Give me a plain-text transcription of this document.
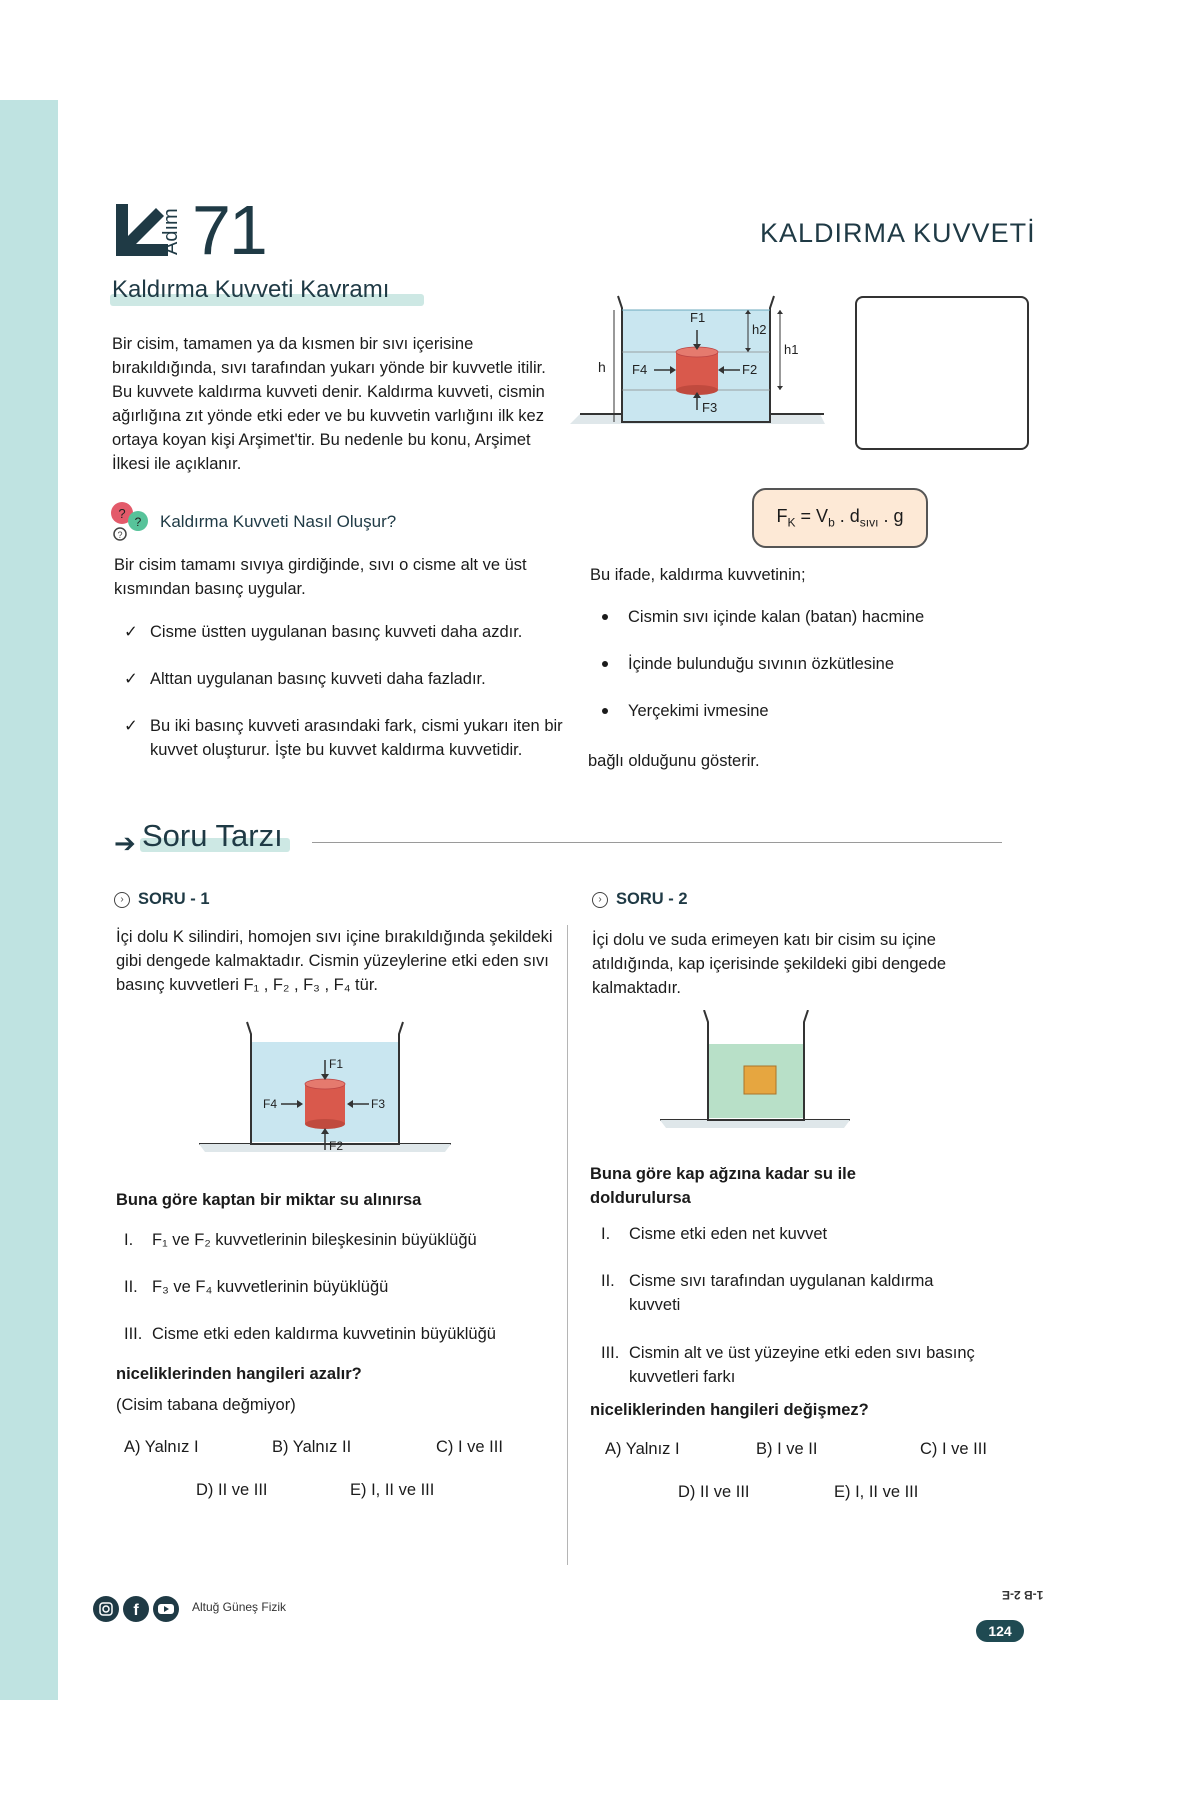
Adım 71	KALDIRMA KUVVETİ
Kaldırma Kuvveti Kavramı
Bir cisim, tamamen ya da kısmen bir sıvı içerisine bırakıldığında, sıvı tarafından yukarı yönde bir kuvvetle itilir. Bu kuvvete kaldırma kuvveti denir. Kaldırma kuvveti, cismin ağırlığına zıt yönde etki eder ve bu kuvvetin varlığını ilk kez ortaya koyan kişi Arşimet'tir. Bu nedenle bu konu, Arşimet İlkesi ile açıklanır.
?
?
?
Kaldırma Kuvveti Nasıl Oluşur?
Bir cisim tamamı sıvıya girdiğinde, sıvı o cisme alt ve üst kısmından basınç uygular.
✓ Cisme üstten uygulanan basınç kuvveti daha azdır.
✓ Alttan uygulanan basınç kuvveti daha fazladır.
✓ Bu iki basınç kuvveti arasındaki fark, cismi yukarı iten bir kuvvet oluşturur. İşte bu kuvvet kaldırma kuvvetidir.
F1
F4	F2
F3
h
h2
h1
$F_K = V_b$ . $d_{sıvı}$ . g
Bu ifade, kaldırma kuvvetinin;
Cismin sıvı içinde kalan (batan) hacmine
İçinde bulunduğu sıvının özkütlesine
Yerçekimi ivmesine
bağlı olduğunu gösterir.
➔ Soru Tarzı
› SORU - 1
İçi dolu K silindiri, homojen sıvı içine bırakıldığında şekildeki gibi dengede kalmaktadır. Cismin yüzeylerine etki eden sıvı basınç kuvvetleri F₁ , F₂ , F₃ , F₄ tür.
F1
F4	F3
F2
Buna göre kaptan bir miktar su alınırsa
I. F₁ ve F₂ kuvvetlerinin bileşkesinin büyüklüğü
II. F₃ ve F₄ kuvvetlerinin büyüklüğü
III. Cisme etki eden kaldırma kuvvetinin büyüklüğü
niceliklerinden hangileri azalır?
(Cisim tabana değmiyor)
A) Yalnız I	B) Yalnız II	C) I ve III
D) II ve III	E) I, II ve III
› SORU - 2
İçi dolu ve suda erimeyen katı bir cisim su içine atıldığında, kap içerisinde şekildeki gibi dengede kalmaktadır.
Buna göre kap ağzına kadar su ile doldurulursa
I. Cisme etki eden net kuvvet
II. Cisme sıvı tarafından uygulanan kaldırma kuvveti
III. Cismin alt ve üst yüzeyine etki eden sıvı basınç kuvvetleri farkı
niceliklerinden hangileri değişmez?
A) Yalnız I	B) I ve II	C) I ve III
D) II ve III	E) I, II ve III
f	Altuğ Güneş Fizik
1-B 2-E
124
